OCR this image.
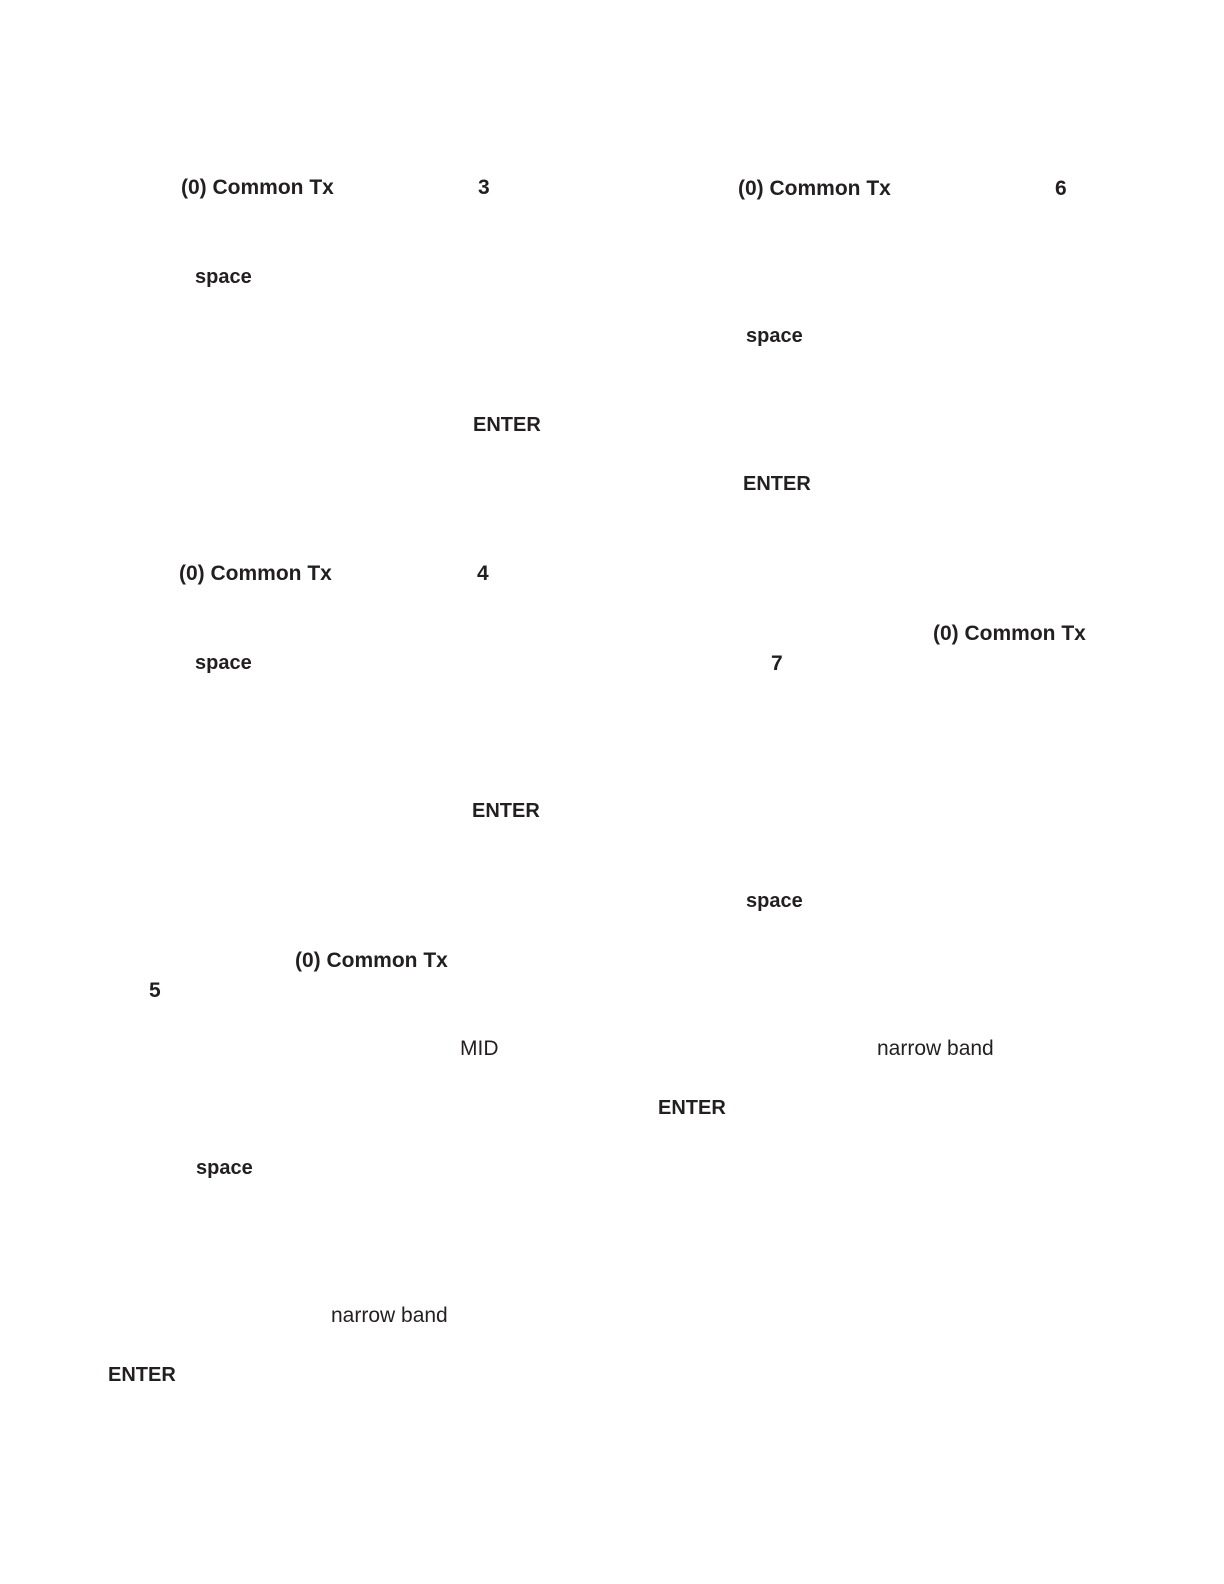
(0) Common Tx	3
space
ENTER
(0) Common Tx	4
space
ENTER
(0) Common Tx
5
MID	narrow band
ENTER
space
narrow band
ENTER
(0) Common Tx	6
space
ENTER
(0) Common Tx
7
space
